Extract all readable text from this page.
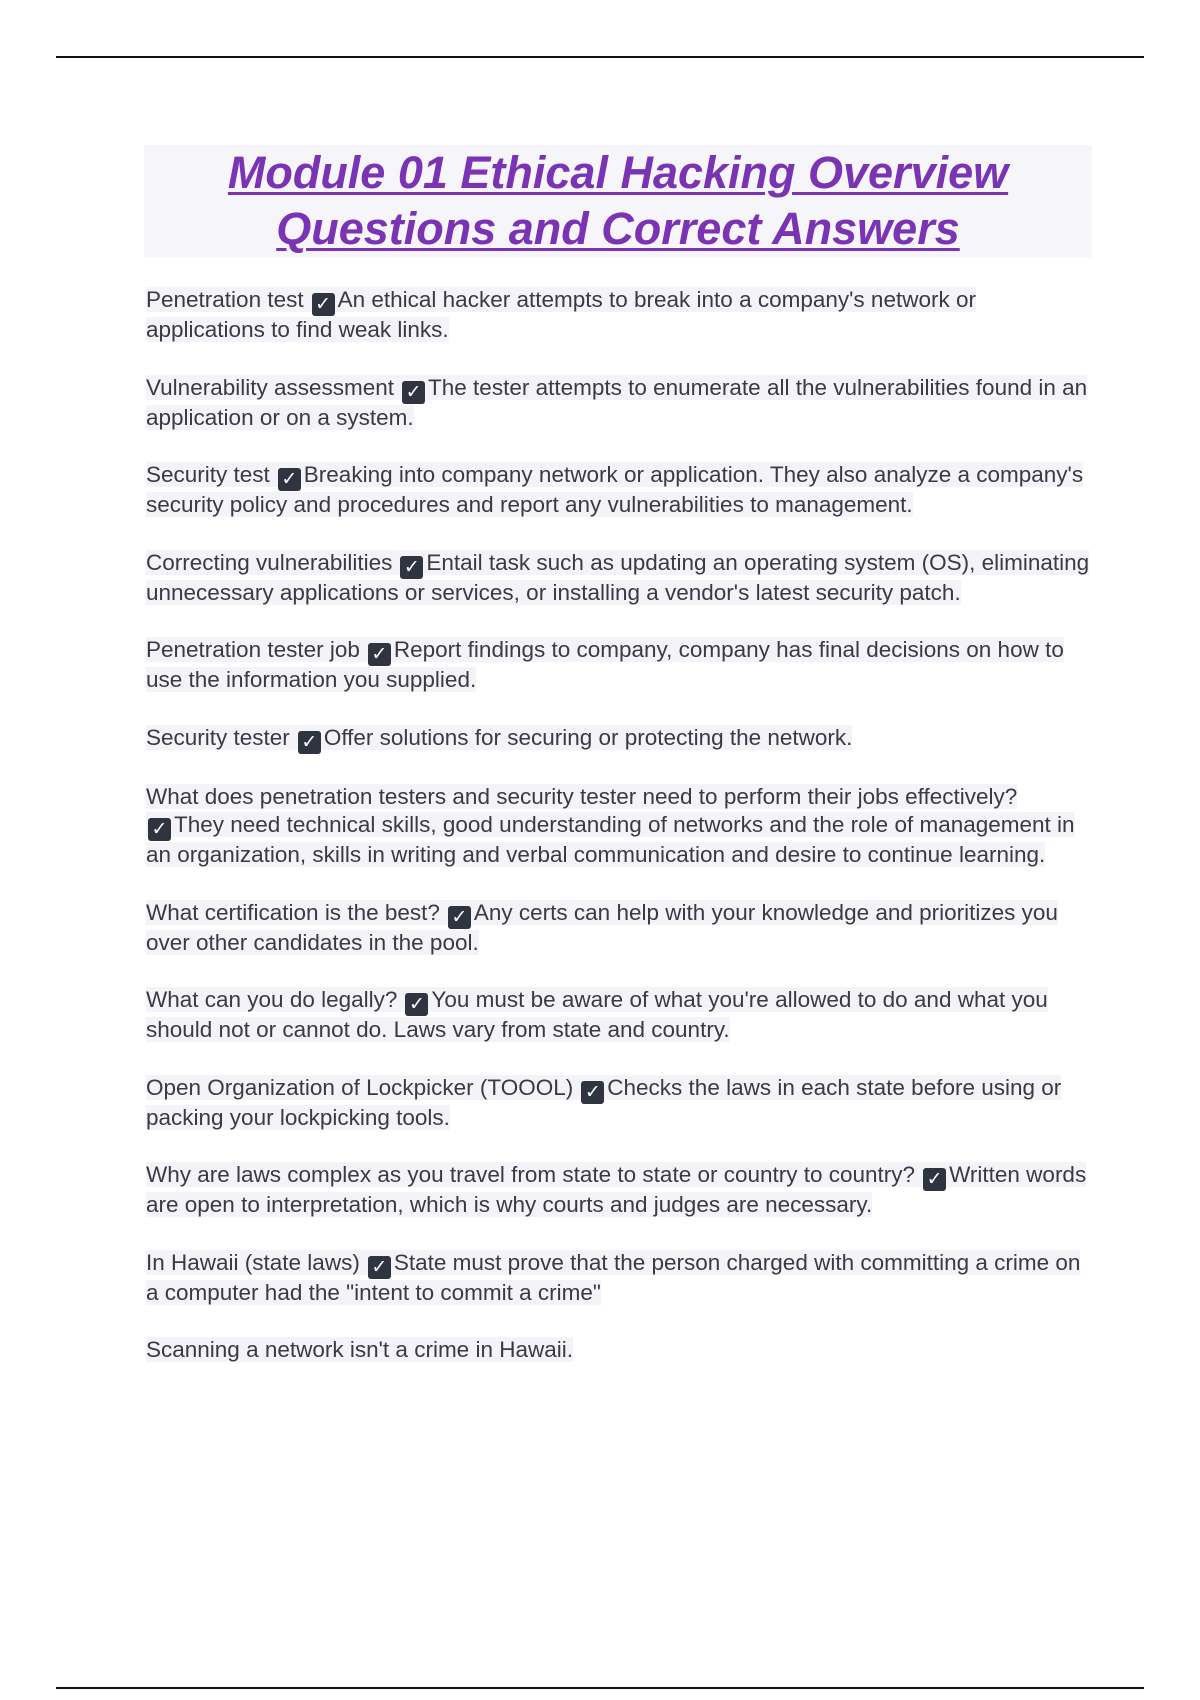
Module 01 Ethical Hacking Overview
Questions and Correct Answers

Penetration test ✓ An ethical hacker attempts to break into a company's network or applications to find weak links.

Vulnerability assessment ✓ The tester attempts to enumerate all the vulnerabilities found in an application or on a system.

Security test ✓ Breaking into company network or application. They also analyze a company's security policy and procedures and report any vulnerabilities to management.

Correcting vulnerabilities ✓ Entail task such as updating an operating system (OS), eliminating unnecessary applications or services, or installing a vendor's latest security patch.

Penetration tester job ✓ Report findings to company, company has final decisions on how to use the information you supplied.

Security tester ✓ Offer solutions for securing or protecting the network.

What does penetration testers and security tester need to perform their jobs effectively?
✓ They need technical skills, good understanding of networks and the role of management in an organization, skills in writing and verbal communication and desire to continue learning.

What certification is the best? ✓ Any certs can help with your knowledge and prioritizes you over other candidates in the pool.

What can you do legally? ✓ You must be aware of what you're allowed to do and what you should not or cannot do. Laws vary from state and country.

Open Organization of Lockpicker (TOOOL) ✓ Checks the laws in each state before using or packing your lockpicking tools.

Why are laws complex as you travel from state to state or country to country? ✓ Written words are open to interpretation, which is why courts and judges are necessary.

In Hawaii (state laws) ✓ State must prove that the person charged with committing a crime on a computer had the "intent to commit a crime"

Scanning a network isn't a crime in Hawaii.
